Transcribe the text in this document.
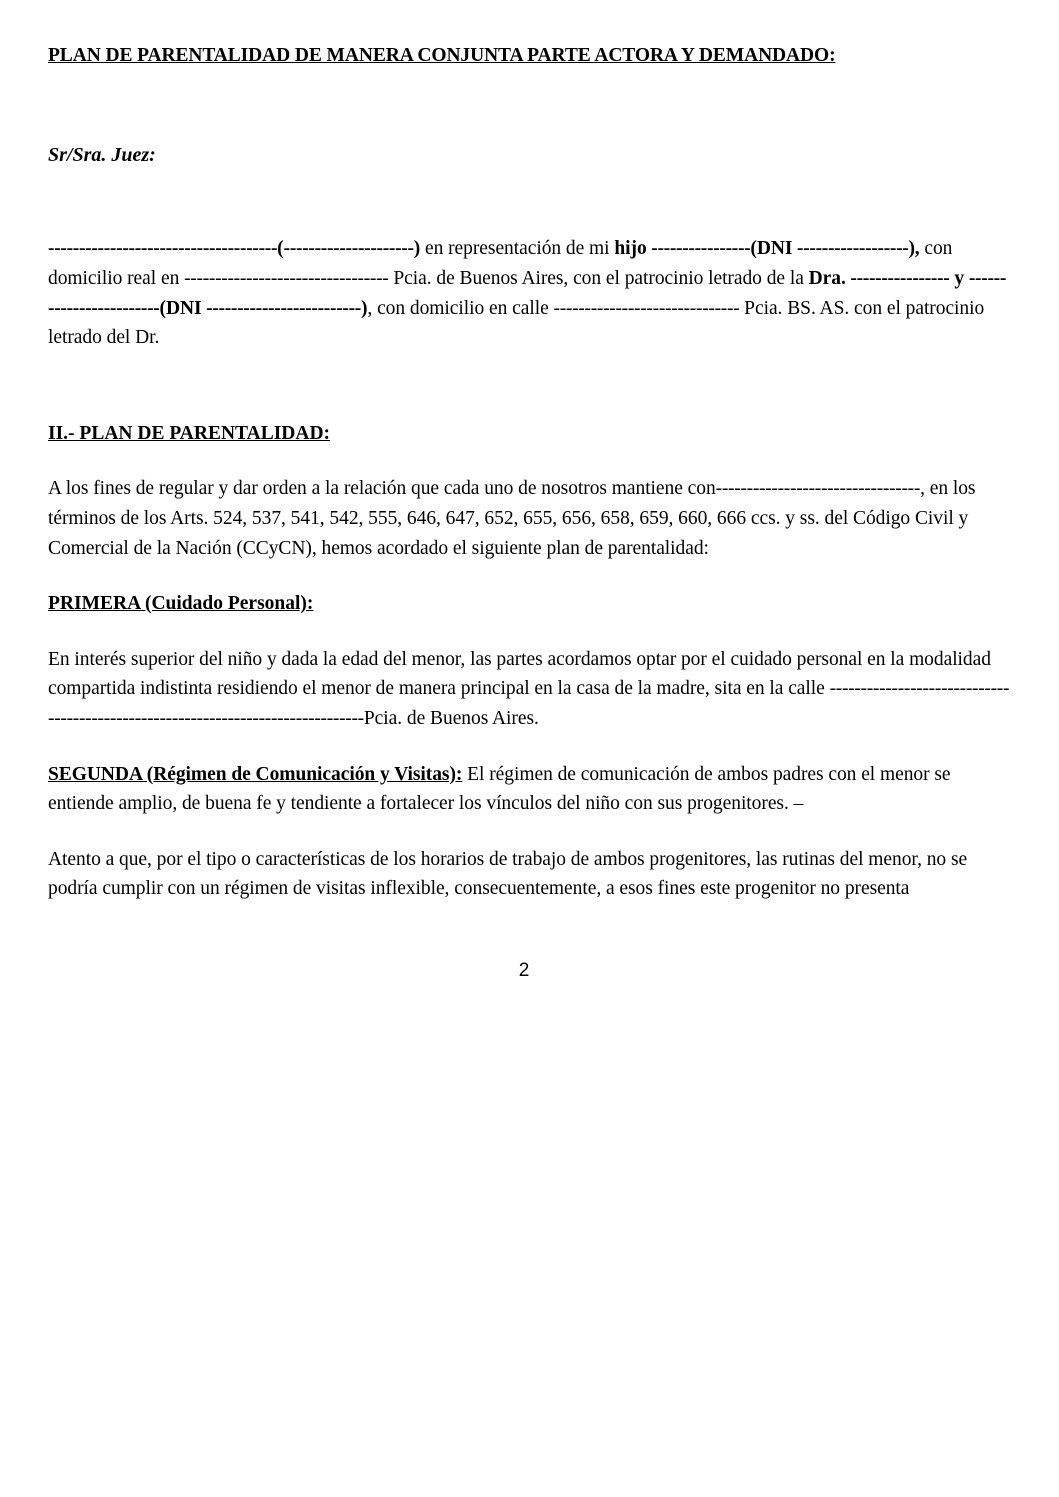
PLAN DE PARENTALIDAD DE MANERA CONJUNTA PARTE ACTORA Y DEMANDADO:

Sr/Sra. Juez:

-------------------------------------(---------------------) en representación de mi hijo ----------------(DNI ------------------), con domicilio real en --------------------------------- Pcia. de Buenos Aires, con el patrocinio letrado de la Dra. ---------------- y ------------------------(DNI -------------------------), con domicilio en calle ------------------------------ Pcia. BS. AS. con el patrocinio letrado del Dr.

II.- PLAN DE PARENTALIDAD:

A los fines de regular y dar orden a la relación que cada uno de nosotros mantiene con---------------------------------, en los términos de los Arts. 524, 537, 541, 542, 555, 646, 647, 652, 655, 656, 658, 659, 660, 666 ccs. y ss. del Código Civil y Comercial de la Nación (CCyCN), hemos acordado el siguiente plan de parentalidad:

PRIMERA (Cuidado Personal):

En interés superior del niño y dada la edad del menor, las partes acordamos optar por el cuidado personal en la modalidad compartida indistinta residiendo el menor de manera principal en la casa de la madre, sita en la calle --------------------------------------------------------------------------------Pcia. de Buenos Aires.

SEGUNDA (Régimen de Comunicación y Visitas): El régimen de comunicación de ambos padres con el menor se entiende amplio, de buena fe y tendiente a fortalecer los vínculos del niño con sus progenitores. –

Atento a que, por el tipo o características de los horarios de trabajo de ambos progenitores, las rutinas del menor, no se podría cumplir con un régimen de visitas inflexible, consecuentemente, a esos fines este progenitor no presenta

2
